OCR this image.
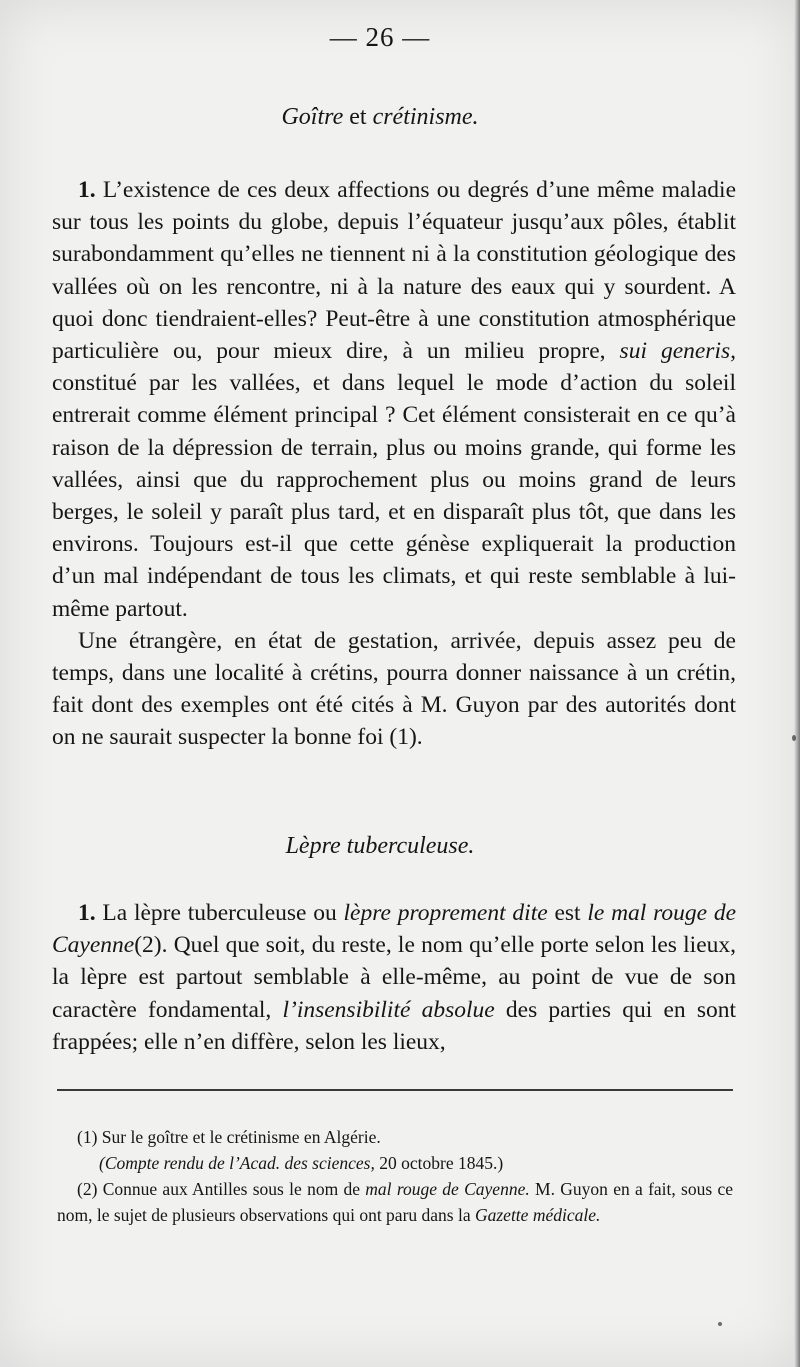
— 26 —
Goître et crétinisme.

1. L’existence de ces deux affections ou degrés d’une même maladie sur tous les points du globe, depuis l’équateur jusqu’aux pôles, établit surabondamment qu’elles ne tiennent ni à la constitution géologique des vallées où on les rencontre, ni à la nature des eaux qui y sourdent. A quoi donc tiendraient-elles? Peut-être à une constitution atmosphérique particulière ou, pour mieux dire, à un milieu propre, sui generis, constitué par les vallées, et dans lequel le mode d’action du soleil entrerait comme élément principal ? Cet élément consisterait en ce qu’à raison de la dépression de terrain, plus ou moins grande, qui forme les vallées, ainsi que du rapprochement plus ou moins grand de leurs berges, le soleil y paraît plus tard, et en disparaît plus tôt, que dans les environs. Toujours est-il que cette génèse expliquerait la production d’un mal indépendant de tous les climats, et qui reste semblable à lui-même partout.

Une étrangère, en état de gestation, arrivée, depuis assez peu de temps, dans une localité à crétins, pourra donner naissance à un crétin, fait dont des exemples ont été cités à M. Guyon par des autorités dont on ne saurait suspecter la bonne foi (1).

Lèpre tuberculeuse.

1. La lèpre tuberculeuse ou lèpre proprement dite est le mal rouge de Cayenne(2). Quel que soit, du reste, le nom qu’elle porte selon les lieux, la lèpre est partout semblable à elle-même, au point de vue de son caractère fondamental, l’insensibilité absolue des parties qui en sont frappées; elle n’en diffère, selon les lieux,

(1) Sur le goître et le crétinisme en Algérie.

(Compte rendu de l’Acad. des sciences, 20 octobre 1845.)

(2) Connue aux Antilles sous le nom de mal rouge de Cayenne. M. Guyon en a fait, sous ce nom, le sujet de plusieurs observations qui ont paru dans la Gazette médicale.
